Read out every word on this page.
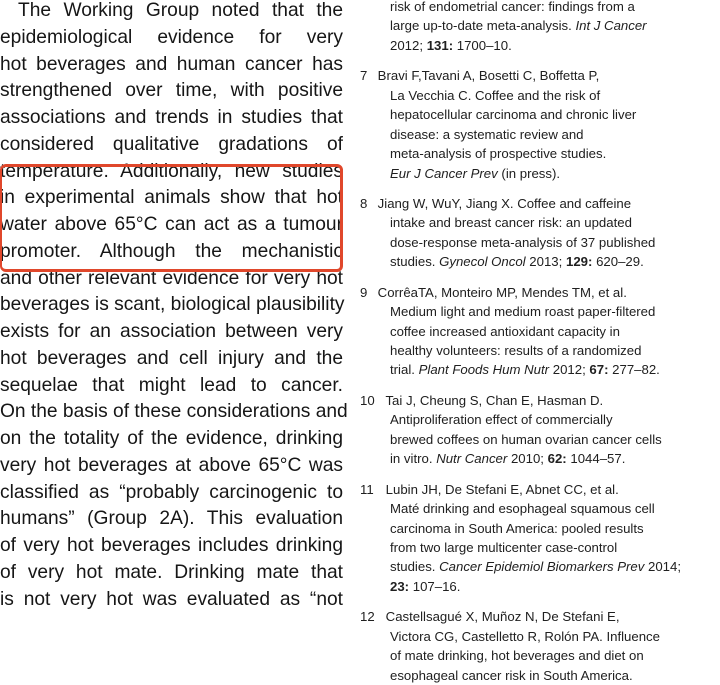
The Working Group noted that the
epidemiological evidence for very
hot beverages and human cancer has
strengthened over time, with positive
associations and trends in studies that
considered qualitative gradations of
temperature. Additionally, new studies
in experimental animals show that hot
water above 65°C can act as a tumour
promoter. Although the mechanistic
and other relevant evidence for very hot
beverages is scant, biological plausibility
exists for an association between very
hot beverages and cell injury and the
sequelae that might lead to cancer.
On the basis of these considerations and
on the totality of the evidence, drinking
very hot beverages at above 65°C was
classified as “probably carcinogenic to
humans” (Group 2A). This evaluation
of very hot beverages includes drinking
of very hot mate. Drinking mate that
is not very hot was evaluated as “not
risk of endometrial cancer: findings from a
large up-to-date meta-analysis. Int J Cancer
2012; 131: 1700–10.
7 Bravi F,Tavani A, Bosetti C, Boffetta P,
La Vecchia C. Coffee and the risk of
hepatocellular carcinoma and chronic liver
disease: a systematic review and
meta-analysis of prospective studies.
Eur J Cancer Prev (in press).
8 Jiang W, WuY, Jiang X. Coffee and caffeine
intake and breast cancer risk: an updated
dose-response meta-analysis of 37 published
studies. Gynecol Oncol 2013; 129: 620–29.
9 CorrêaTA, Monteiro MP, Mendes TM, et al.
Medium light and medium roast paper-filtered
coffee increased antioxidant capacity in
healthy volunteers: results of a randomized
trial. Plant Foods Hum Nutr 2012; 67: 277–82.
10 Tai J, Cheung S, Chan E, Hasman D.
Antiproliferation effect of commercially
brewed coffees on human ovarian cancer cells
in vitro. Nutr Cancer 2010; 62: 1044–57.
11 Lubin JH, De Stefani E, Abnet CC, et al.
Maté drinking and esophageal squamous cell
carcinoma in South America: pooled results
from two large multicenter case-control
studies. Cancer Epidemiol Biomarkers Prev 2014;
23: 107–16.
12 Castellsagué X, Muñoz N, De Stefani E,
Victora CG, Castelletto R, Rolón PA. Influence
of mate drinking, hot beverages and diet on
esophageal cancer risk in South America.
